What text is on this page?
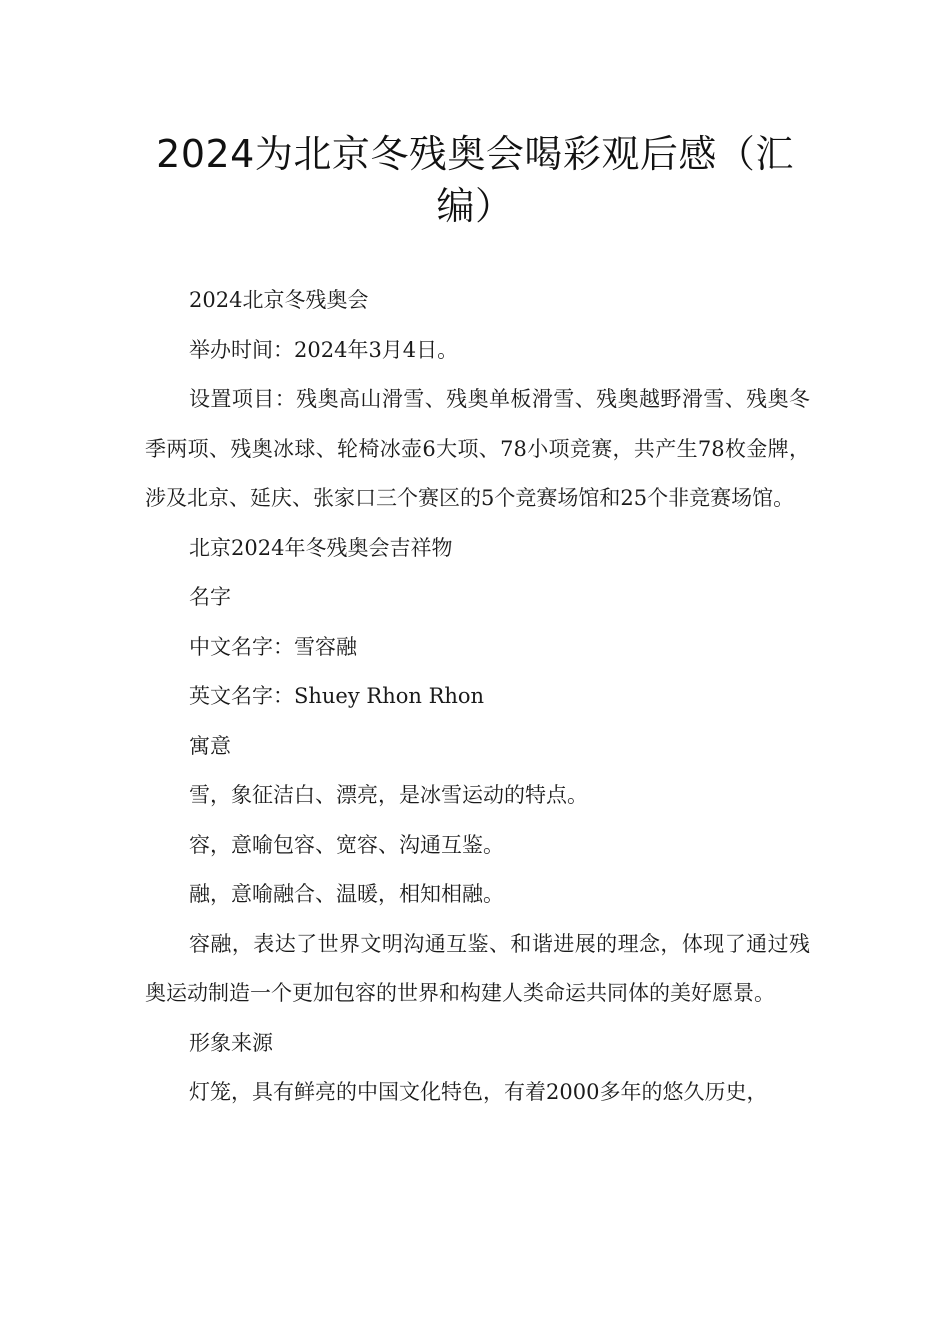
2024为北京冬残奥会喝彩观后感（汇编）

2024北京冬残奥会

举办时间：2024年3月4日。

设置项目：残奥高山滑雪、残奥单板滑雪、残奥越野滑雪、残奥冬季两项、残奥冰球、轮椅冰壶6大项、78小项竞赛，共产生78枚金牌，涉及北京、延庆、张家口三个赛区的5个竞赛场馆和25个非竞赛场馆。

北京2024年冬残奥会吉祥物

名字

中文名字：雪容融

英文名字：Shuey Rhon Rhon

寓意

雪，象征洁白、漂亮，是冰雪运动的特点。

容，意喻包容、宽容、沟通互鉴。

融，意喻融合、温暖，相知相融。

容融，表达了世界文明沟通互鉴、和谐进展的理念，体现了通过残奥运动制造一个更加包容的世界和构建人类命运共同体的美好愿景。

形象来源

灯笼，具有鲜亮的中国文化特色，有着2000多年的悠久历史，
